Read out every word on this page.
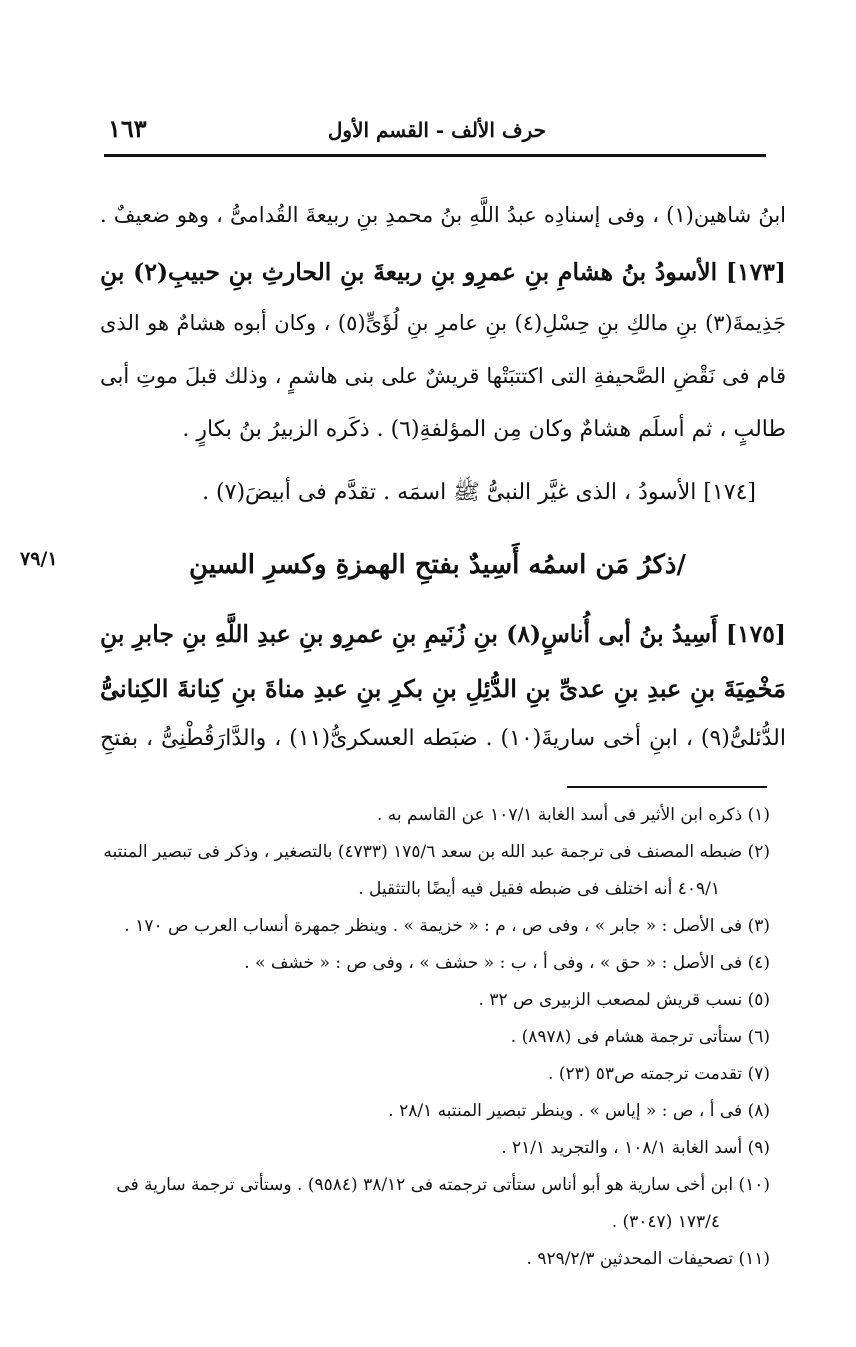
حرف الألف - القسم الأول
١٦٣
ابنُ شاهين(١) ، وفى إسنادِه عبدُ اللَّهِ بنُ محمدِ بنِ ربيعةَ القُدامىُّ ، وهو ضعيفٌ .
[١٧٣] الأسودُ بنُ هشامِ بنِ عمرِو بنِ ربيعةَ بنِ الحارثِ بنِ حبيبِ(٢) بنِ
جَذِيمةَ(٣) بنِ مالكِ بنِ حِسْلِ(٤) بنِ عامرِ بنِ لُؤَىٍّ(٥) ، وكان أبوه هشامٌ هو الذى
قام فى نَقْضِ الصَّحيفةِ التى اكتتبَتْها قريشٌ على بنى هاشمٍ ، وذلك قبلَ موتِ أبى
طالبٍ ، ثم أسلَم هشامٌ وكان مِن المؤلفةِ(٦) . ذكَره الزبيرُ بنُ بكارٍ .
[١٧٤] الأسودُ ، الذى غيَّر النبىُّ ﷺ اسمَه . تقدَّم فى أبيضَ(٧) .
/ذكرُ مَن اسمُه أَسِيدٌ بفتحِ الهمزةِ وكسرِ السينِ
٧٩/١
[١٧٥] أَسِيدُ بنُ أبى أُناسٍ(٨) بنِ زُنَيمِ بنِ عمرِو بنِ عبدِ اللَّهِ بنِ جابرِ بنِ
مَخْمِيَةَ بنِ عبدِ بنِ عدىِّ بنِ الدُّئِلِ بنِ بكرِ بنِ عبدِ مناةَ بنِ كِنانةَ الكِنانىُّ
الدُّئلىُّ(٩) ، ابنِ أخى ساريةَ(١٠) . ضبَطه العسكرىُّ(١١) ، والدَّارَقُطْنِىُّ ، بفتحِ
(١) ذكره ابن الأثير فى أسد الغابة ١٠٧/١ عن القاسم به .
(٢) ضبطه المصنف فى ترجمة عبد الله بن سعد ١٧٥/٦ (٤٧٣٣) بالتصغير ، وذكر فى تبصير المنتبه
٤٠٩/١ أنه اختلف فى ضبطه فقيل فيه أيضًا بالتثقيل .
(٣) فى الأصل : « جابر » ، وفى ص ، م : « خزيمة » . وينظر جمهرة أنساب العرب ص ١٧٠ .
(٤) فى الأصل : « حق » ، وفى أ ، ب : « حشف » ، وفى ص : « خشف » .
(٥) نسب قريش لمصعب الزبيرى ص ٣٢ .
(٦) ستأتى ترجمة هشام فى (٨٩٧٨) .
(٧) تقدمت ترجمته ص٥٣ (٢٣) .
(٨) فى أ ، ص : « إياس » . وينظر تبصير المنتبه ٢٨/١ .
(٩) أسد الغابة ١٠٨/١ ، والتجريد ٢١/١ .
(١٠) ابن أخى سارية هو أبو أناس ستأتى ترجمته فى ٣٨/١٢ (٩٥٨٤) . وستأتى ترجمة سارية فى
١٧٣/٤ (٣٠٤٧) .
(١١) تصحيفات المحدثين ٩٢٩/٢/٣ .
